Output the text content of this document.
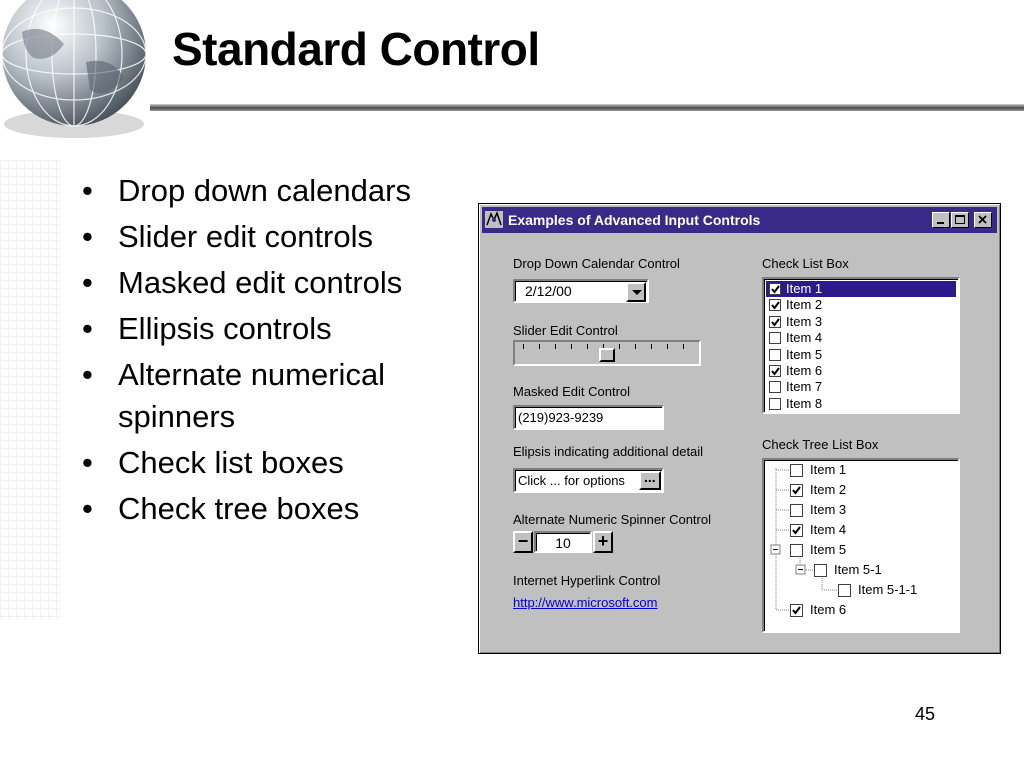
Standard Control
• Drop down calendars
• Slider edit controls
• Masked edit controls
• Ellipsis controls
• Alternate numerical spinners
• Check list boxes
• Check tree boxes
45
Examples of Advanced Input Controls
Drop Down Calendar Control
2/12/00
Slider Edit Control
Masked Edit Control
(219)923-9239
Elipsis indicating additional detail
Click ... for options ...
Alternate Numeric Spinner Control
−	10	+
Internet Hyperlink Control
http://www.microsoft.com
Check List Box
Item 1
Item 2
Item 3
Item 4
Item 5
Item 6
Item 7
Item 8
Check Tree List Box
Item 1
Item 2
Item 3
Item 4
Item 5
Item 5-1
Item 5-1-1
Item 6
